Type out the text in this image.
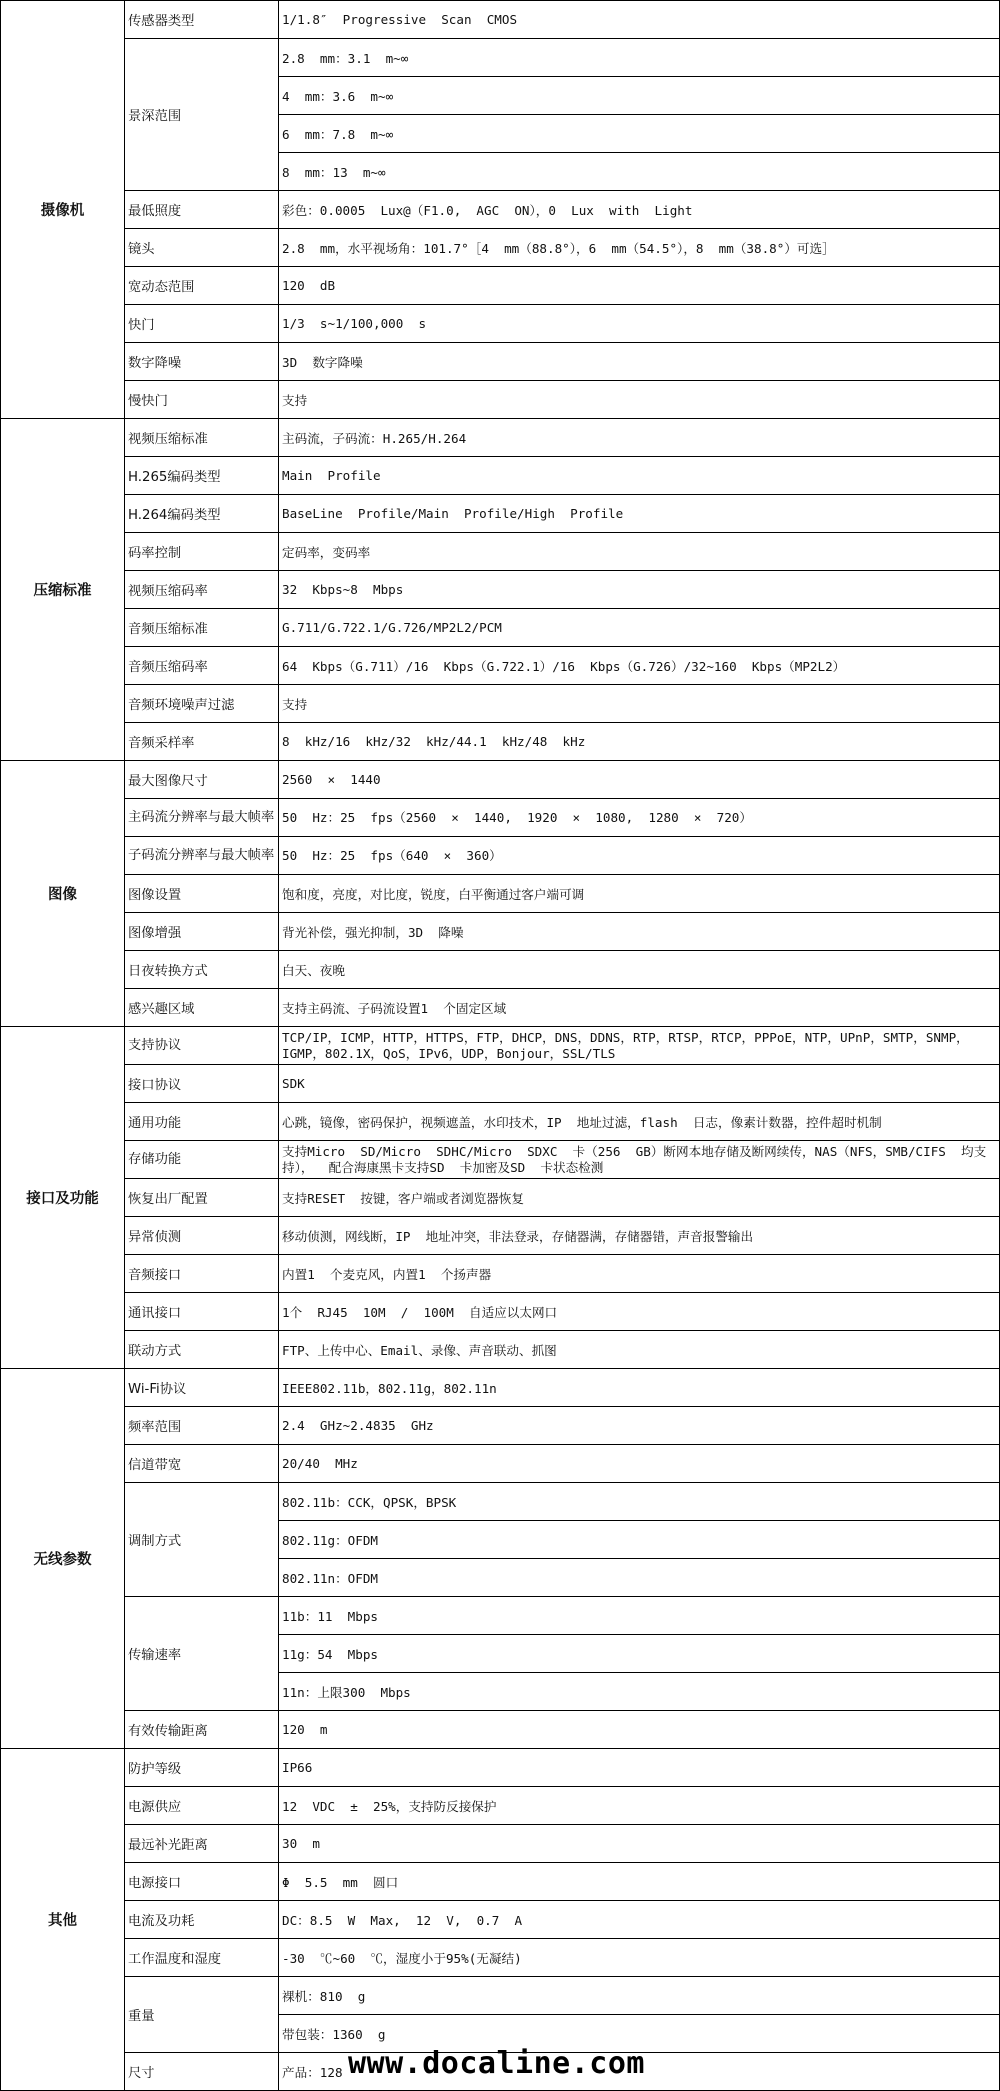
摄像机	传感器类型	1/1.8″  Progressive  Scan  CMOS
	景深范围	2.8  mm：3.1  m~∞
		4  mm：3.6  m~∞
		6  mm：7.8  m~∞
		8  mm：13  m~∞
	最低照度	彩色：0.0005  Lux@（F1.0,  AGC  ON），0  Lux  with  Light
	镜头	2.8  mm，水平视场角：101.7°［4  mm（88.8°），6  mm（54.5°），8  mm（38.8°）可选］
	宽动态范围	120  dB
	快门	1/3  s~1/100,000  s
	数字降噪	3D  数字降噪
	慢快门	支持
压缩标准	视频压缩标准	主码流，子码流：H.265/H.264
	H.265编码类型	Main  Profile
	H.264编码类型	BaseLine  Profile/Main  Profile/High  Profile
	码率控制	定码率，变码率
	视频压缩码率	32  Kbps~8  Mbps
	音频压缩标准	G.711/G.722.1/G.726/MP2L2/PCM
	音频压缩码率	64  Kbps（G.711）/16  Kbps（G.722.1）/16  Kbps（G.726）/32~160  Kbps（MP2L2）
	音频环境噪声过滤	支持
	音频采样率	8  kHz/16  kHz/32  kHz/44.1  kHz/48  kHz
图像	最大图像尺寸	2560  ×  1440
	主码流分辨率与最大帧率	50  Hz：25  fps（2560  ×  1440,  1920  ×  1080,  1280  ×  720）
	子码流分辨率与最大帧率	50  Hz：25  fps（640  ×  360）
	图像设置	饱和度，亮度，对比度，锐度，白平衡通过客户端可调
	图像增强	背光补偿，强光抑制，3D  降噪
	日夜转换方式	白天、夜晚
	感兴趣区域	支持主码流、子码流设置1  个固定区域
接口及功能	支持协议	TCP/IP，ICMP，HTTP，HTTPS，FTP，DHCP，DNS，DDNS，RTP，RTSP，RTCP，PPPoE，NTP，UPnP，SMTP，SNMP，IGMP，802.1X，QoS，IPv6，UDP，Bonjour，SSL/TLS
	接口协议	SDK
	通用功能	心跳，镜像，密码保护，视频遮盖，水印技术，IP  地址过滤，flash  日志，像素计数器，控件超时机制
	存储功能	支持Micro  SD/Micro  SDHC/Micro  SDXC  卡（256  GB）断网本地存储及断网续传，NAS（NFS，SMB/CIFS  均支持），  配合海康黑卡支持SD  卡加密及SD  卡状态检测
	恢复出厂配置	支持RESET  按键，客户端或者浏览器恢复
	异常侦测	移动侦测，网线断，IP  地址冲突，非法登录，存储器满，存储器错，声音报警输出
	音频接口	内置1  个麦克风，内置1  个扬声器
	通讯接口	1个  RJ45  10M  /  100M  自适应以太网口
	联动方式	FTP、上传中心、Email、录像、声音联动、抓图
无线参数	Wi-Fi协议	IEEE802.11b，802.11g，802.11n
	频率范围	2.4  GHz~2.4835  GHz
	信道带宽	20/40  MHz
	调制方式	802.11b：CCK，QPSK，BPSK
		802.11g：OFDM
		802.11n：OFDM
	传输速率	11b：11  Mbps
		11g：54  Mbps
		11n：上限300  Mbps
	有效传输距离	120  m
其他	防护等级	IP66
	电源供应	12  VDC  ±  25%，支持防反接保护
	最远补光距离	30  m
	电源接口	Φ  5.5  mm  圆口
	电流及功耗	DC：8.5  W  Max,  12  V,  0.7  A
	工作温度和湿度	-30  ℃~60  ℃，湿度小于95%(无凝结)
	重量	裸机：810  g
		带包装：1360  g
	尺寸	产品：128 www.docaline.com
